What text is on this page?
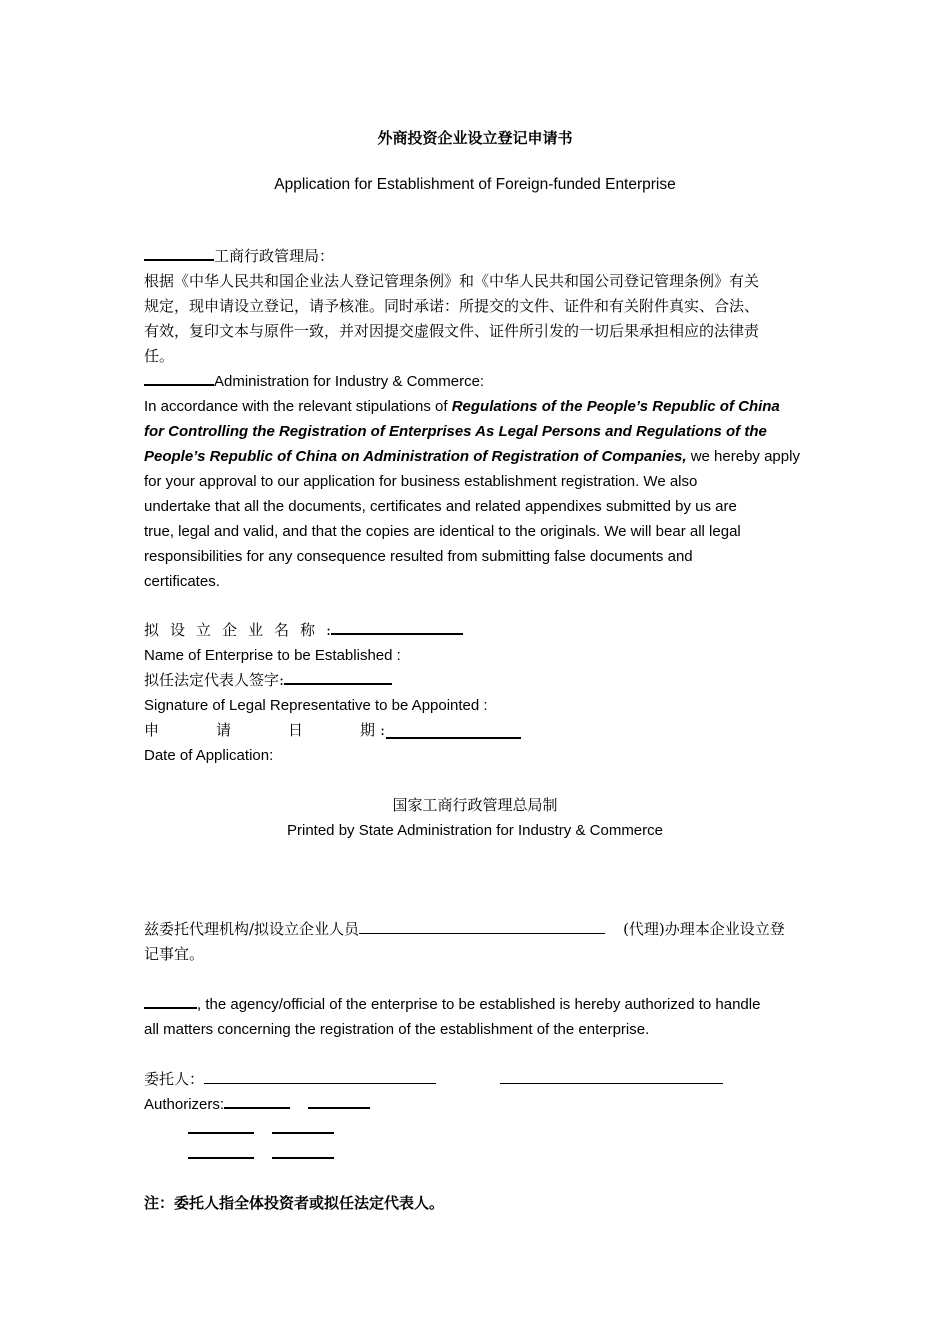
外商投资企业设立登记申请书
Application for Establishment of Foreign-funded Enterprise
工商行政管理局：
根据《中华人民共和国企业法人登记管理条例》和《中华人民共和国公司登记管理条例》有关
规定，现申请设立登记，请予核准。同时承诺：所提交的文件、证件和有关附件真实、合法、
有效，复印文本与原件一致，并对因提交虚假文件、证件所引发的一切后果承担相应的法律责
任。
Administration for Industry & Commerce:
In accordance with the relevant stipulations of Regulations of the People’s Republic of China
for Controlling the Registration of Enterprises As Legal Persons and Regulations of the
People’s Republic of China on Administration of Registration of Companies, we hereby apply
for your approval to our application for business establishment registration. We also
undertake that all the documents, certificates and related appendixes submitted by us are
true, legal and valid, and that the copies are identical to the originals. We will bear all legal
responsibilities for any consequence resulted from submitting false documents and
certificates.
拟设立企业名称:
Name of Enterprise to be Established :
拟任法定代表人签字:
Signature of Legal Representative to be Appointed :
申	请	日	期 :
Date of Application:
国家工商行政管理总局制
Printed by State Administration for Industry & Commerce
兹委托代理机构/拟设立企业人员	(代理)办理本企业设立登
记事宜。
, the agency/official of the enterprise to be established is hereby authorized to handle
all matters concerning the registration of the establishment of the enterprise.
委托人：
Authorizers:
注：委托人指全体投资者或拟任法定代表人。
